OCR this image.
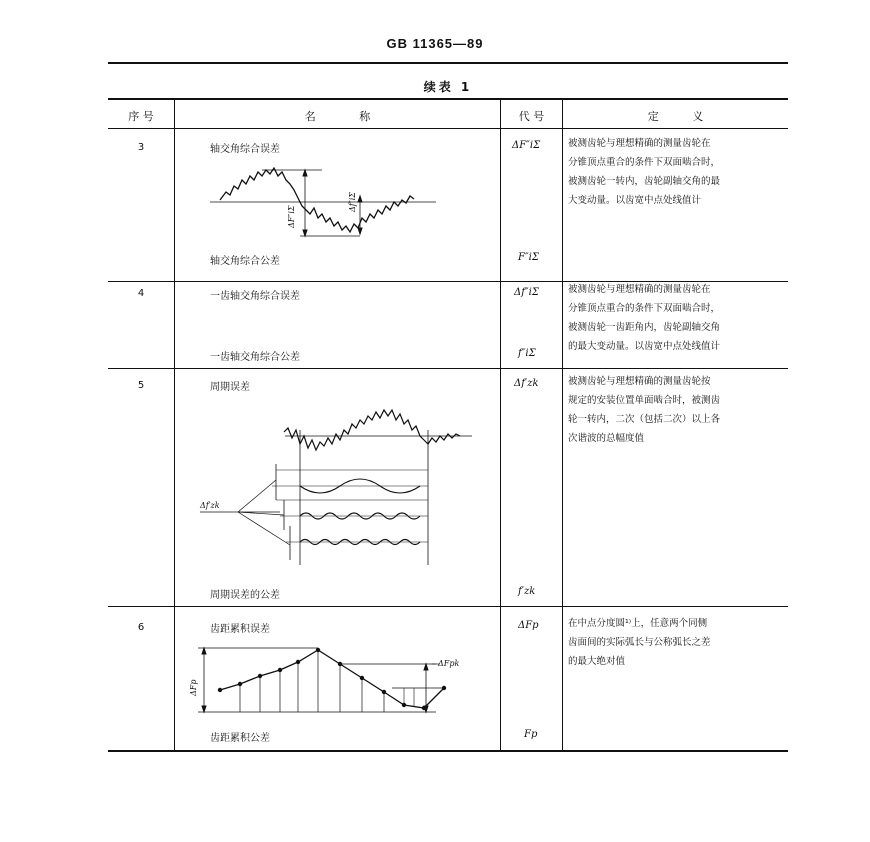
GB 11365—89
续表 1
序 号	名 称	代 号	定 义
3	轴交角综合误差	ΔF″iΣ	被测齿轮与理想精确的测量齿轮在
分锥顶点重合的条件下双面啮合时，
被测齿轮一转内，齿轮副轴交角的最
大变动量。以齿宽中点处线值计
轴交角综合公差	F″iΣ
4	一齿轴交角综合误差	Δf″iΣ	被测齿轮与理想精确的测量齿轮在
分锥顶点重合的条件下双面啮合时，
被测齿轮一齿距角内，齿轮副轴交角
的最大变动量。以齿宽中点处线值计
一齿轴交角综合公差	f″iΣ
5	周期误差	Δf′zk	被测齿轮与理想精确的测量齿轮按
规定的安装位置单面啮合时，被测齿
轮一转内，二次（包括二次）以上各
次谐波的总幅度值
周期误差的公差	f′zk
6	齿距累积误差	ΔFp	在中点分度圆¹⁾上，任意两个同侧
齿面间的实际弧长与公称弧长之差
的最大绝对值
齿距累积公差	Fp
ΔF″iΣ
Δf″iΣ
Δf′zk
ΔFp
ΔFpk
